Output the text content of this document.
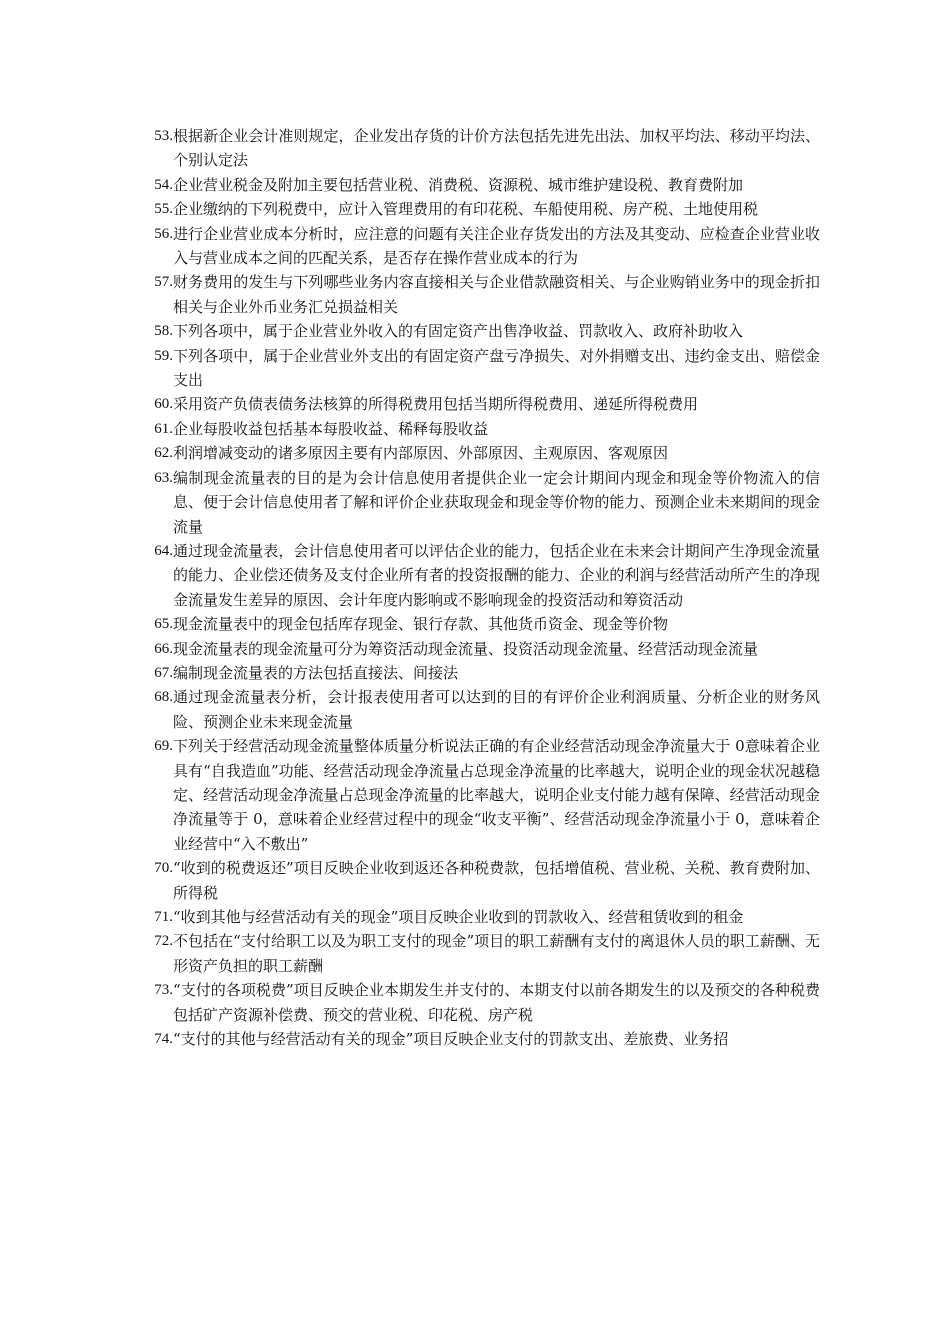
53. 根据新企业会计准则规定，企业发出存货的计价方法包括先进先出法、加权平均法、移动平均法、个别认定法
54. 企业营业税金及附加主要包括营业税、消费税、资源税、城市维护建设税、教育费附加
55. 企业缴纳的下列税费中，应计入管理费用的有印花税、车船使用税、房产税、土地使用税
56. 进行企业营业成本分析时，应注意的问题有关注企业存货发出的方法及其变动、应检查企业营业收入与营业成本之间的匹配关系，是否存在操作营业成本的行为
57. 财务费用的发生与下列哪些业务内容直接相关与企业借款融资相关、与企业购销业务中的现金折扣相关与企业外币业务汇兑损益相关
58. 下列各项中，属于企业营业外收入的有固定资产出售净收益、罚款收入、政府补助收入
59. 下列各项中，属于企业营业外支出的有固定资产盘亏净损失、对外捐赠支出、违约金支出、赔偿金支出
60. 采用资产负债表债务法核算的所得税费用包括当期所得税费用、递延所得税费用
61. 企业每股收益包括基本每股收益、稀释每股收益
62. 利润增减变动的诸多原因主要有内部原因、外部原因、主观原因、客观原因
63. 编制现金流量表的目的是为会计信息使用者提供企业一定会计期间内现金和现金等价物流入的信息、便于会计信息使用者了解和评价企业获取现金和现金等价物的能力、预测企业未来期间的现金流量
64. 通过现金流量表，会计信息使用者可以评估企业的能力，包括企业在未来会计期间产生净现金流量的能力、企业偿还债务及支付企业所有者的投资报酬的能力、企业的利润与经营活动所产生的净现金流量发生差异的原因、会计年度内影响或不影响现金的投资活动和筹资活动
65. 现金流量表中的现金包括库存现金、银行存款、其他货币资金、现金等价物
66. 现金流量表的现金流量可分为筹资活动现金流量、投资活动现金流量、经营活动现金流量
67. 编制现金流量表的方法包括直接法、间接法
68. 通过现金流量表分析，会计报表使用者可以达到的目的有评价企业利润质量、分析企业的财务风险、预测企业未来现金流量
69. 下列关于经营活动现金流量整体质量分析说法正确的有企业经营活动现金净流量大于 0意味着企业具有“自我造血”功能、经营活动现金净流量占总现金净流量的比率越大，说明企业的现金状况越稳定、经营活动现金净流量占总现金净流量的比率越大，说明企业支付能力越有保障、经营活动现金净流量等于 0，意味着企业经营过程中的现金“收支平衡”、经营活动现金净流量小于 0，意味着企业经营中“入不敷出”
70. “收到的税费返还”项目反映企业收到返还各种税费款，包括增值税、营业税、关税、教育费附加、所得税
71. “收到其他与经营活动有关的现金”项目反映企业收到的罚款收入、经营租赁收到的租金
72. 不包括在“支付给职工以及为职工支付的现金”项目的职工薪酬有支付的离退休人员的职工薪酬、无形资产负担的职工薪酬
73. “支付的各项税费”项目反映企业本期发生并支付的、本期支付以前各期发生的以及预交的各种税费包括矿产资源补偿费、预交的营业税、印花税、房产税
74. “支付的其他与经营活动有关的现金”项目反映企业支付的罚款支出、差旅费、业务招
